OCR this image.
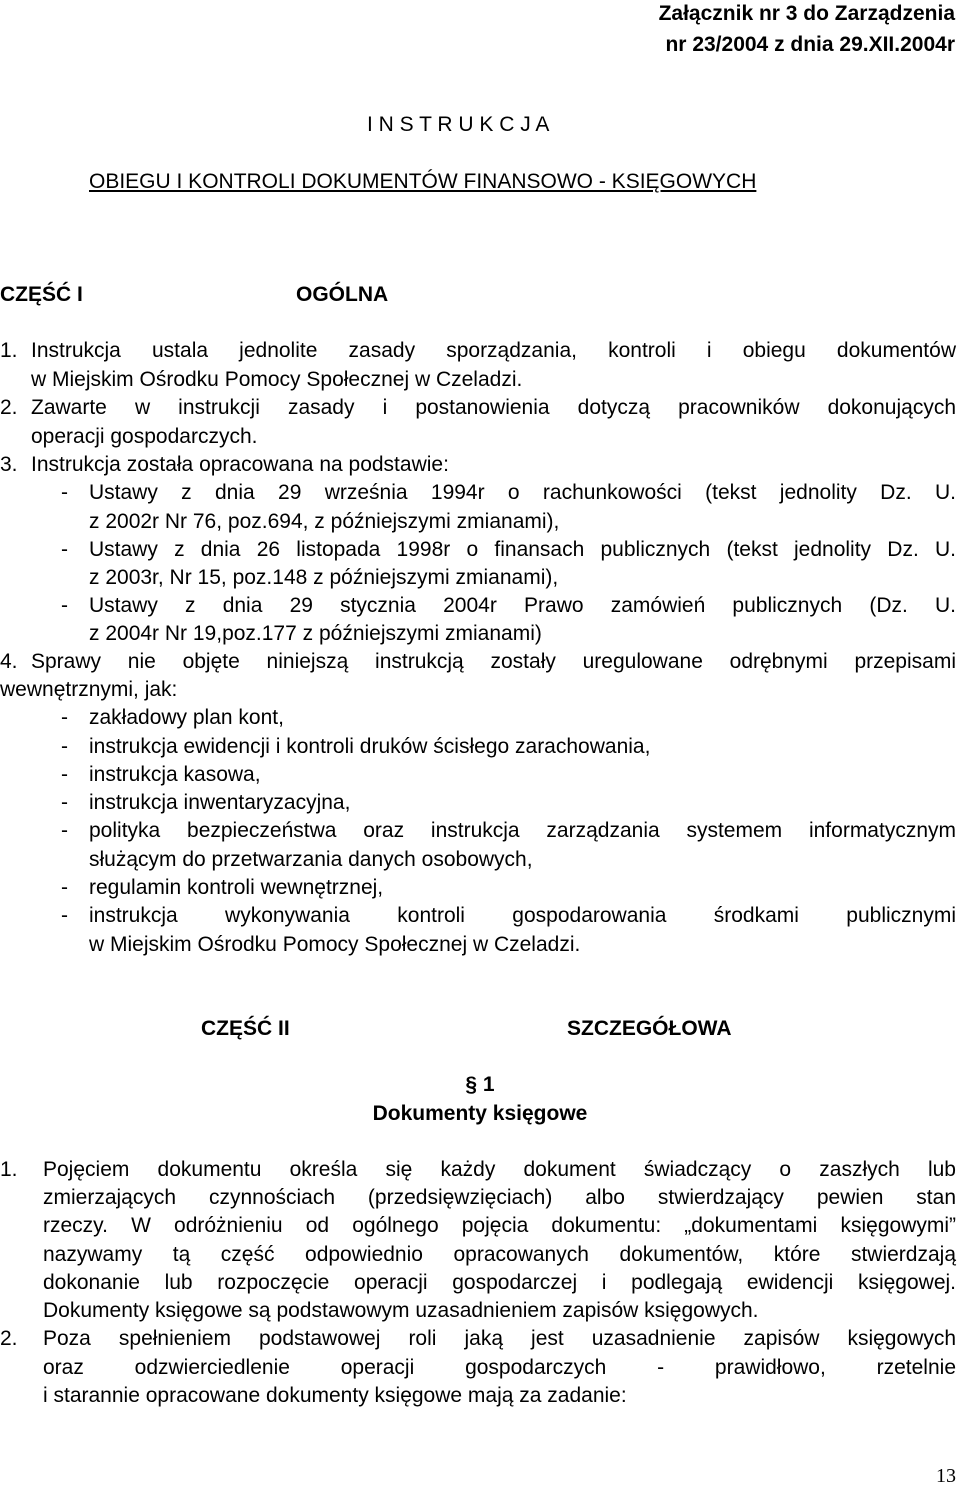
Załącznik nr 3 do Zarządzenia
nr 23/2004 z dnia 29.XII.2004r
I N S T R U K C J A
OBIEGU I KONTROLI DOKUMENTÓW FINANSOWO - KSIĘGOWYCH
CZĘŚĆ I	OGÓLNA
1. Instrukcja ustala jednolite zasady sporządzania, kontroli i obiegu dokumentów
w Miejskim Ośrodku Pomocy Społecznej w Czeladzi.
2. Zawarte w instrukcji zasady i postanowienia dotyczą pracowników dokonujących
operacji gospodarczych.
3. Instrukcja została opracowana na podstawie:
- Ustawy z dnia 29 września 1994r o rachunkowości (tekst jednolity Dz. U.
z 2002r Nr 76, poz.694, z późniejszymi zmianami),
- Ustawy z dnia 26 listopada 1998r o finansach publicznych (tekst jednolity Dz. U.
z 2003r, Nr 15, poz.148 z późniejszymi zmianami),
- Ustawy z dnia 29 stycznia 2004r Prawo zamówień publicznych (Dz. U.
z 2004r Nr 19,poz.177 z późniejszymi zmianami)
4. Sprawy nie objęte niniejszą instrukcją zostały uregulowane odrębnymi przepisami
wewnętrznymi, jak:
- zakładowy plan kont,
- instrukcja ewidencji i kontroli druków ścisłego zarachowania,
- instrukcja kasowa,
- instrukcja inwentaryzacyjna,
- polityka bezpieczeństwa oraz instrukcja zarządzania systemem informatycznym
służącym do przetwarzania danych osobowych,
- regulamin kontroli wewnętrznej,
- instrukcja wykonywania kontroli gospodarowania środkami publicznymi
w Miejskim Ośrodku Pomocy Społecznej w Czeladzi.
CZĘŚĆ II	SZCZEGÓŁOWA
§ 1
Dokumenty księgowe
1. Pojęciem dokumentu określa się każdy dokument świadczący o zaszłych lub
zmierzających czynnościach (przedsięwzięciach) albo stwierdzający pewien stan
rzeczy. W odróżnieniu od ogólnego pojęcia dokumentu: „dokumentami księgowymi”
nazywamy tą część odpowiednio opracowanych dokumentów, które stwierdzają
dokonanie lub rozpoczęcie operacji gospodarczej i podlegają ewidencji księgowej.
Dokumenty księgowe są podstawowym uzasadnieniem zapisów księgowych.
2. Poza spełnieniem podstawowej roli jaką jest uzasadnienie zapisów księgowych
oraz odzwierciedlenie operacji gospodarczych - prawidłowo, rzetelnie
i starannie opracowane dokumenty księgowe mają za zadanie:
13
